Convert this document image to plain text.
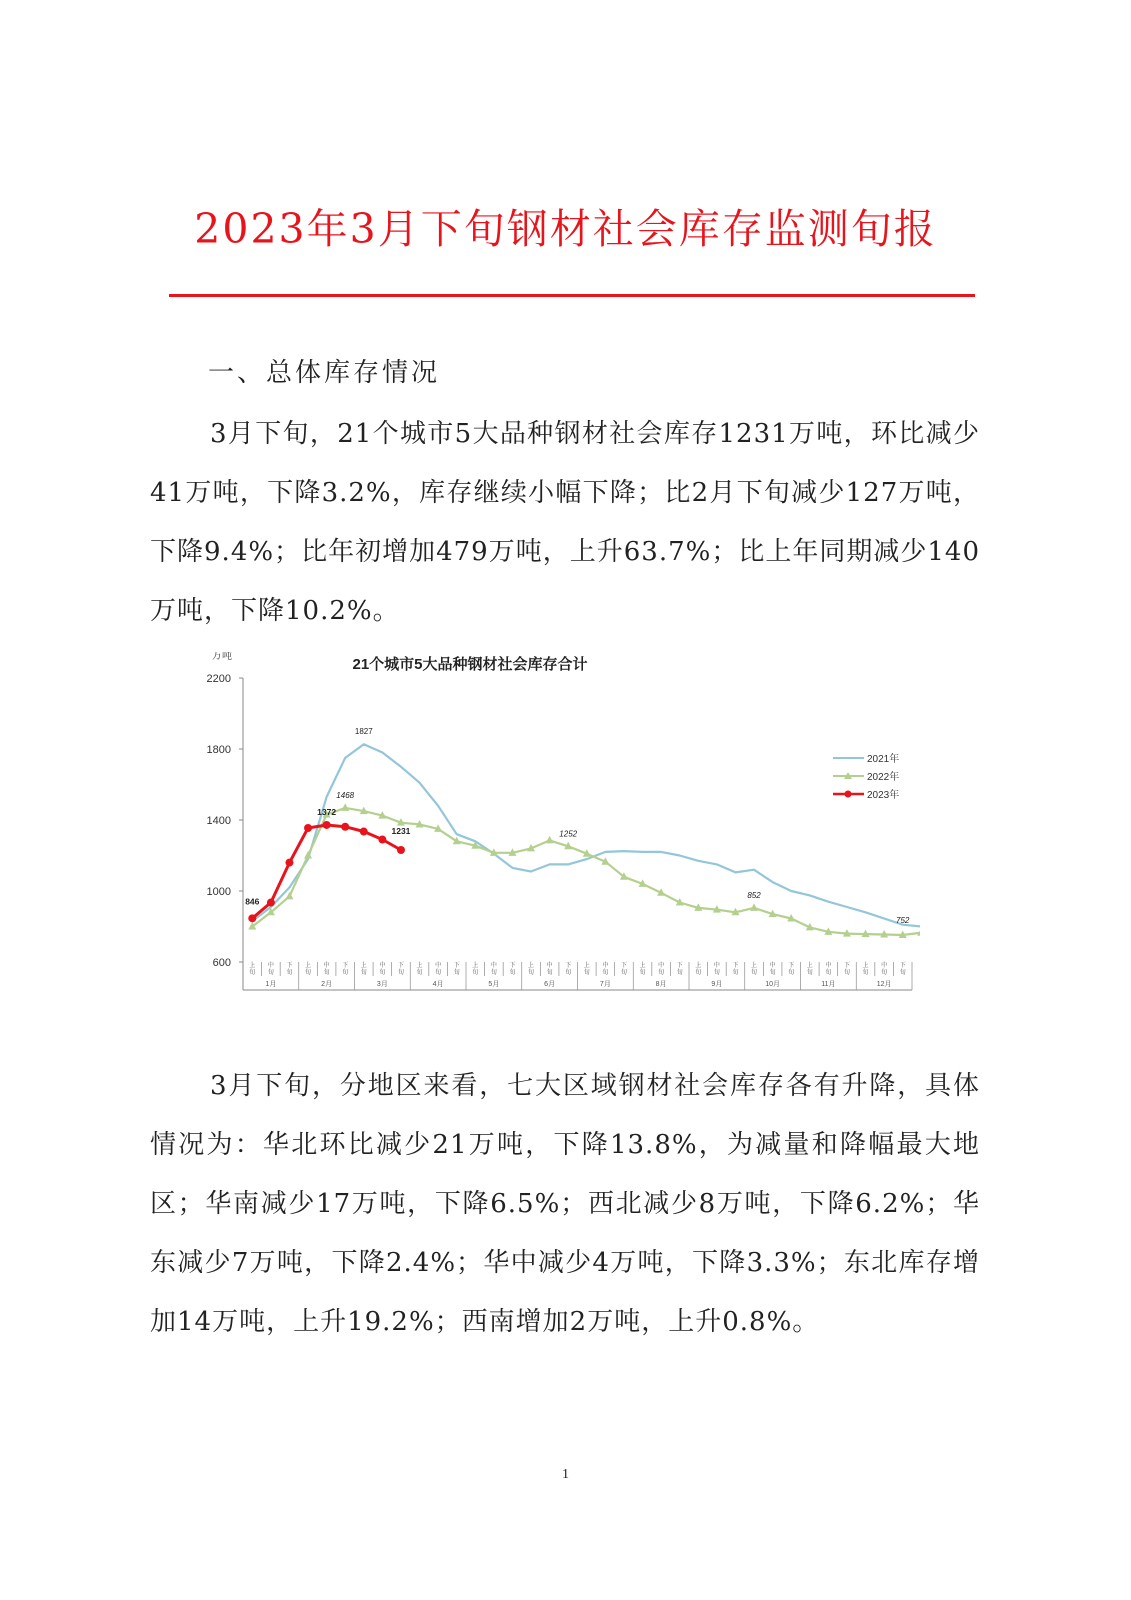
2023年3月下旬钢材社会库存监测旬报
一、总体库存情况

3月下旬，21个城市5大品种钢材社会库存1231万吨，环比减少41万吨，下降3.2%，库存继续小幅下降；比2月下旬减少127万吨，下降9.4%；比年初增加479万吨，上升63.7%；比上年同期减少140万吨，下降10.2%。

21个城市5大品种钢材社会库存合计
万吨
600
1000
1400
1800
2200
上
旬
中
旬
下
旬
上
旬
中
旬
下
旬
上
旬
中
旬
下
旬
上
旬
中
旬
下
旬
上
旬
中
旬
下
旬
上
旬
中
旬
下
旬
上
旬
中
旬
下
旬
上
旬
中
旬
下
旬
上
旬
中
旬
下
旬
上
旬
中
旬
下
旬
上
旬
中
旬
下
旬
上
旬
中
旬
下
旬
1月	2月	3月	4月	5月	6月	7月	8月	9月	10月	11月	12月
1827
1468
1252
852
752
846
1372
1231
2021年
2022年
2023年

3月下旬，分地区来看，七大区域钢材社会库存各有升降，具体情况为：华北环比减少21万吨，下降13.8%，为减量和降幅最大地区；华南减少17万吨，下降6.5%；西北减少8万吨，下降6.2%；华东减少7万吨，下降2.4%；华中减少4万吨，下降3.3%；东北库存增加14万吨，上升19.2%；西南增加2万吨，上升0.8%。

1
